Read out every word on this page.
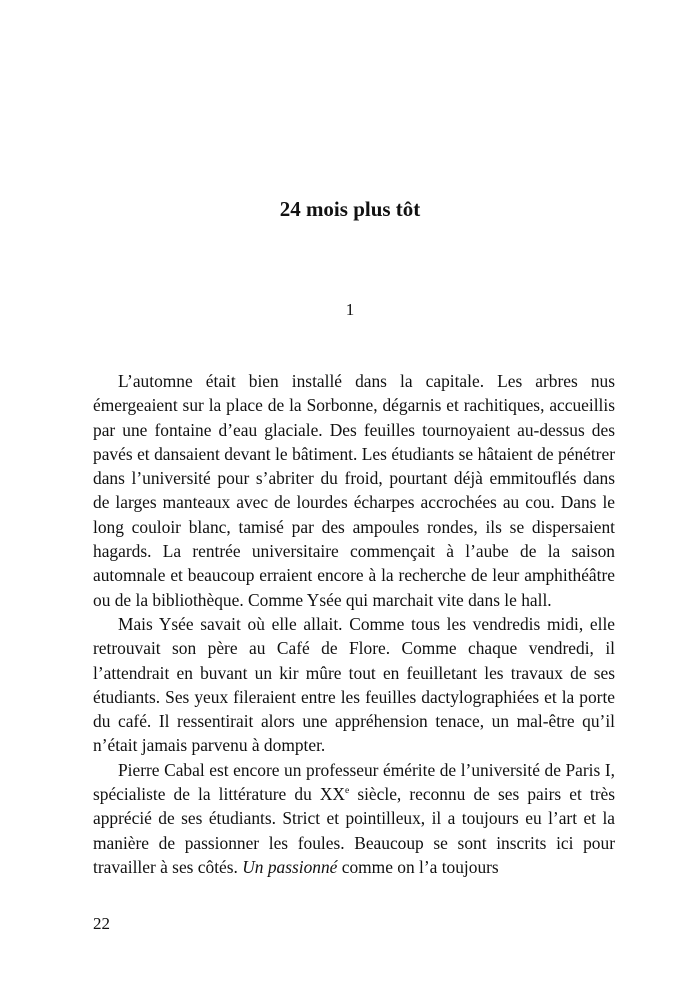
24 mois plus tôt
1

L’automne était bien installé dans la capitale. Les arbres nus émergeaient sur la place de la Sorbonne, dégarnis et rachitiques, accueillis par une fontaine d’eau glaciale. Des feuilles tournoyaient au-dessus des pavés et dansaient devant le bâtiment. Les étudiants se hâtaient de pénétrer dans l’université pour s’abriter du froid, pourtant déjà emmitouflés dans de larges manteaux avec de lourdes écharpes accrochées au cou. Dans le long couloir blanc, tamisé par des ampoules rondes, ils se dispersaient hagards. La rentrée universitaire commençait à l’aube de la saison automnale et beaucoup erraient encore à la recherche de leur amphithéâtre ou de la bibliothèque. Comme Ysée qui marchait vite dans le hall.

Mais Ysée savait où elle allait. Comme tous les vendredis midi, elle retrouvait son père au Café de Flore. Comme chaque vendredi, il l’attendrait en buvant un kir mûre tout en feuilletant les travaux de ses étudiants. Ses yeux fileraient entre les feuilles dactylographiées et la porte du café. Il ressentirait alors une appréhension tenace, un mal-être qu’il n’était jamais parvenu à dompter.

Pierre Cabal est encore un professeur émérite de l’université de Paris I, spécialiste de la littérature du XXe siècle, reconnu de ses pairs et très apprécié de ses étudiants. Strict et pointilleux, il a toujours eu l’art et la manière de passionner les foules. Beaucoup se sont inscrits ici pour travailler à ses côtés. Un passionné comme on l’a toujours

22
